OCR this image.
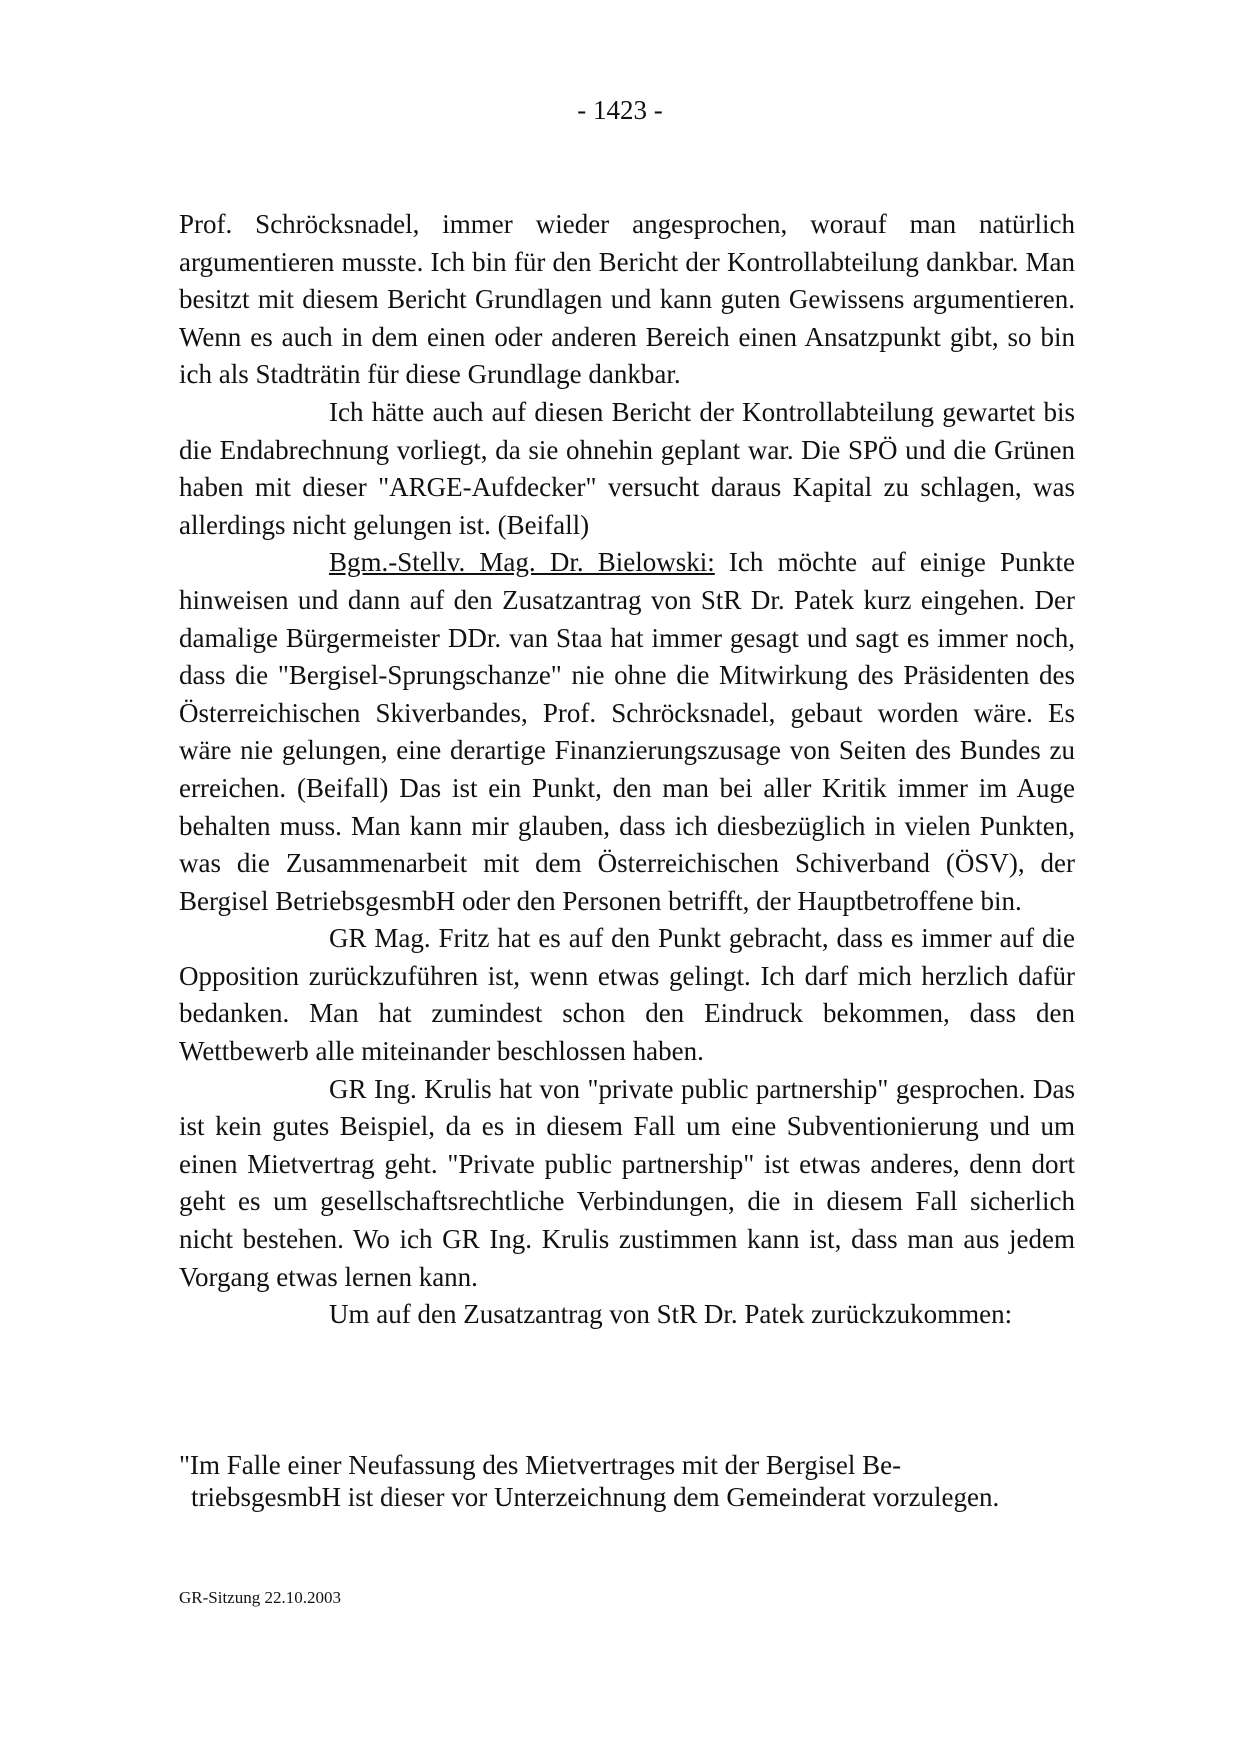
- 1423 -

Prof. Schröcksnadel, immer wieder angesprochen, worauf man natürlich argumentieren musste. Ich bin für den Bericht der Kontrollabteilung dankbar. Man besitzt mit diesem Bericht Grundlagen und kann guten Gewissens argumentieren. Wenn es auch in dem einen oder anderen Bereich einen Ansatzpunkt gibt, so bin ich als Stadträtin für diese Grundlage dankbar.

Ich hätte auch auf diesen Bericht der Kontrollabteilung gewartet bis die Endabrechnung vorliegt, da sie ohnehin geplant war. Die SPÖ und die Grünen haben mit dieser "ARGE-Aufdecker" versucht daraus Kapital zu schlagen, was allerdings nicht gelungen ist. (Beifall)

Bgm.-Stellv. Mag. Dr. Bielowski: Ich möchte auf einige Punkte hinweisen und dann auf den Zusatzantrag von StR Dr. Patek kurz eingehen. Der damalige Bürgermeister DDr. van Staa hat immer gesagt und sagt es immer noch, dass die "Bergisel-Sprungschanze" nie ohne die Mitwirkung des Präsidenten des Österreichischen Skiverbandes, Prof. Schröcksnadel, gebaut worden wäre. Es wäre nie gelungen, eine derartige Finanzierungszusage von Seiten des Bundes zu erreichen. (Beifall) Das ist ein Punkt, den man bei aller Kritik immer im Auge behalten muss. Man kann mir glauben, dass ich diesbezüglich in vielen Punkten, was die Zusammenarbeit mit dem Österreichischen Schiverband (ÖSV), der Bergisel BetriebsgesmbH oder den Personen betrifft, der Hauptbetroffene bin.

GR Mag. Fritz hat es auf den Punkt gebracht, dass es immer auf die Opposition zurückzuführen ist, wenn etwas gelingt. Ich darf mich herzlich dafür bedanken. Man hat zumindest schon den Eindruck bekommen, dass den Wettbewerb alle miteinander beschlossen haben.

GR Ing. Krulis hat von "private public partnership" gesprochen. Das ist kein gutes Beispiel, da es in diesem Fall um eine Subventionierung und um einen Mietvertrag geht. "Private public partnership" ist etwas anderes, denn dort geht es um gesellschaftsrechtliche Verbindungen, die in diesem Fall sicherlich nicht bestehen. Wo ich GR Ing. Krulis zustimmen kann ist, dass man aus jedem Vorgang etwas lernen kann.

Um auf den Zusatzantrag von StR Dr. Patek zurückzukommen:

"Im Falle einer Neufassung des Mietvertrages mit der Bergisel Be-
triebsgesmbH ist dieser vor Unterzeichnung dem Gemeinderat vorzulegen.
GR-Sitzung 22.10.2003
